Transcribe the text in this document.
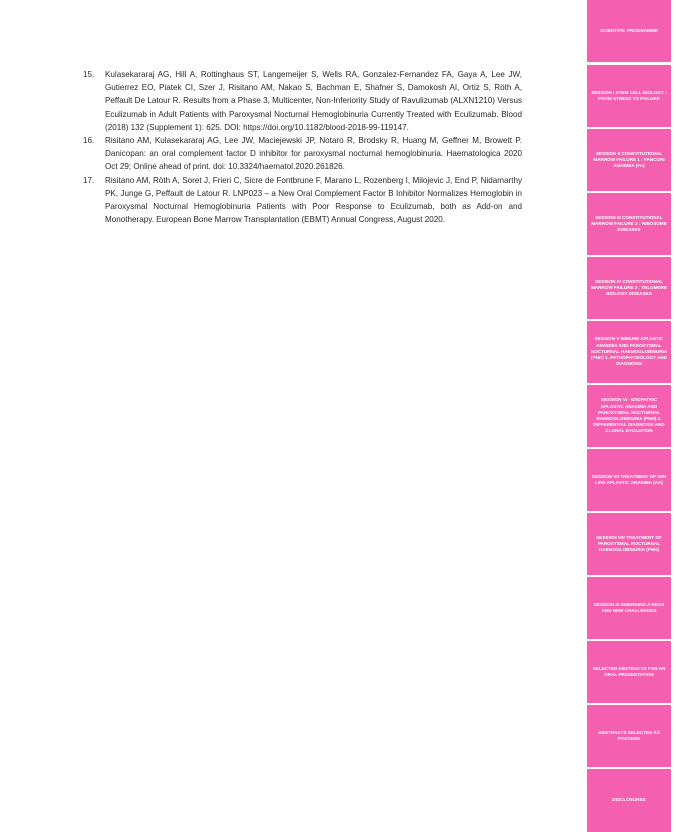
15.	Kulasekararaj AG, Hill A, Rottinghaus ST, Langemeijer S, Wells RA, Gonzalez-Fernandez FA, Gaya A, Lee JW, Gutierrez EO, Piatek CI, Szer J, Risitano AM, Nakao S, Bachman E, Shafner S, Damokosh AI, Ortiz S, Röth A, Peffault De Latour R. Results from a Phase 3, Multicenter, Non-Inferiority Study of Ravulizumab (ALXN1210) Versus Eculizumab in Adult Patients with Paroxysmal Nocturnal Hemoglobinuria Currently Treated with Eculizumab. Blood (2018) 132 (Supplement 1): 625. DOI: https://doi.org/10.1182/blood-2018-99-119147.
16.	Risitano AM, Kulasekararaj AG, Lee JW, Maciejewski JP, Notaro R, Brodsky R, Huang M, Geffner M, Browett P. Danicopan: an oral complement factor D inhibitor for paroxysmal nocturnal hemoglobinuria. Haematologica 2020 Oct 29; Online ahead of print. doi: 10.3324/haematol.2020.261826.
17.	Risitano AM, Röth A, Soret J, Frieri C, Sicre de Fontbrune F, Marano L, Rozenberg I, Milojevic J, End P, Nidamarthy PK, Junge G, Peffault de Latour R. LNP023 – a New Oral Complement Factor B Inhibitor Normalizes Hemoglobin in Paroxysmal Nocturnal Hemoglobinuria Patients with Poor Response to Eculizumab, both as Add-on and Monotherapy. European Bone Marrow Transplantation (EBMT) Annual Congress, August 2020.
SCIENTIFIC PROGRAMME
SESSION I STEM CELL BIOLOGY : FROM STRESS TO FAILURE
SESSION II CONSTITUTIONAL MARROW FAILURE 1 : FANCONI ANAEMIA (FA)
SESSION III CONSTITUTIONAL MARROW FAILURE 2 : RIBOSOME DISEASES
SESSION IV CONSTITUTIONAL MARROW FAILURE 3 : TELOMERE BIOLOGY DISEASES
SESSION V IMMUNE APLASTIC ANAEMIA AND PAROXYSMAL NOCTURNAL HAEMOGLOBINURIA (PNH) 1. PATHOPHYSIOLOGY AND DIAGNOSIS
SESSION VI - IDIOPATHIC APLASTIC ANAEMIA AND PAROXYSMAL NOCTURNAL HAEMOGLOBINURIA (PNH) 2. DIFFERENTIAL DIAGNOSIS AND CLONAL EVOLUTION
SESSION VII TREATMENT OF IWH LINE APLASTIC ANAEMIA (AA)
SESSION VIII TREATMENT OF PAROXYSMAL NOCTURNAL HAEMOGLOBINURIA (PNH)
SESSION IX EMERGING A REAS AND NEW CHALLENGES
SELECTED ABSTRACTS FOR AN ORAL PRESENTATION
ABSTRACTS SELECTED AS POSTERS
DISCLOSURES
